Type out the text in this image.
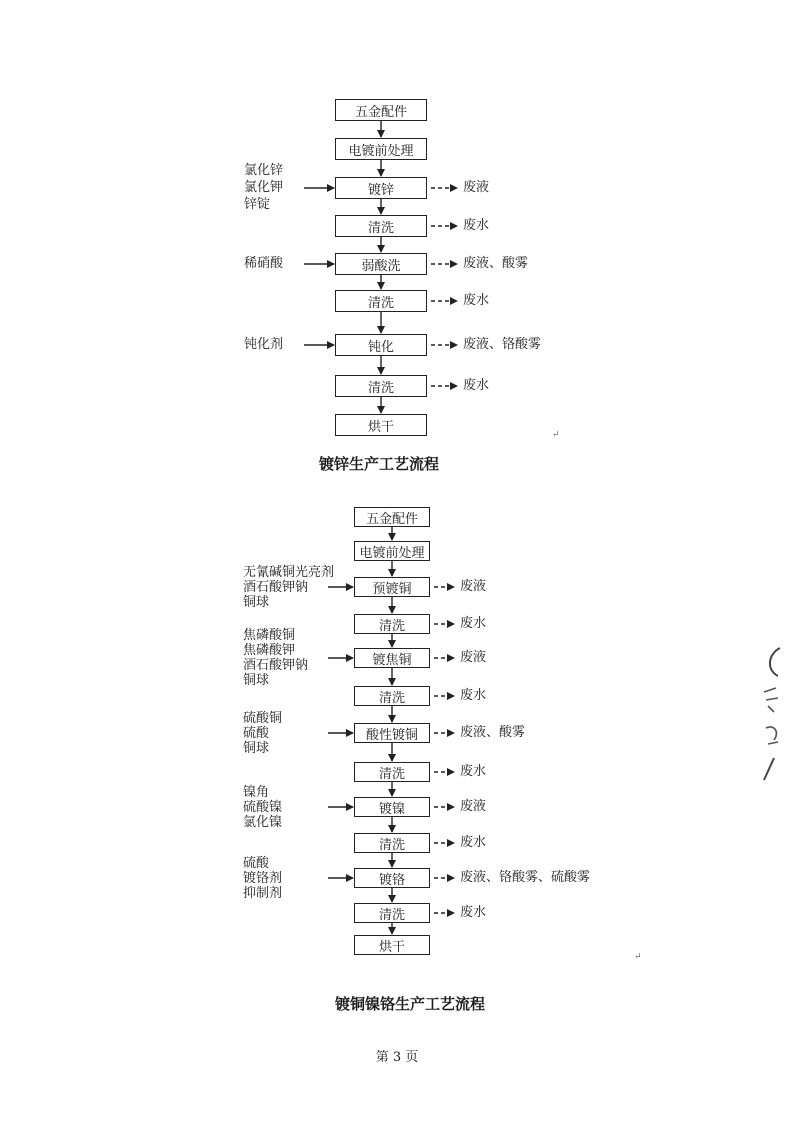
镀锌生产工艺流程
镀铜镍铬生产工艺流程
第 3 页
↵
↵
五金配件
电镀前处理
镀锌	废液
氯化锌
氯化钾
锌锭
清洗	废水
弱酸洗	废液、酸雾
稀硝酸
清洗	废水
钝化	废液、铬酸雾
钝化剂
清洗	废水
烘干
五金配件
电镀前处理
预镀铜	废液
无氰碱铜光亮剂
酒石酸钾钠
铜球
清洗	废水
镀焦铜	废液
焦磷酸铜
焦磷酸钾
酒石酸钾钠
铜球
清洗	废水
酸性镀铜	废液、酸雾
硫酸铜
硫酸
铜球
清洗	废水
镀镍	废液
镍角
硫酸镍
氯化镍
清洗	废水
镀铬	废液、铬酸雾、硫酸雾
硫酸
镀铬剂
抑制剂
清洗	废水
烘干
